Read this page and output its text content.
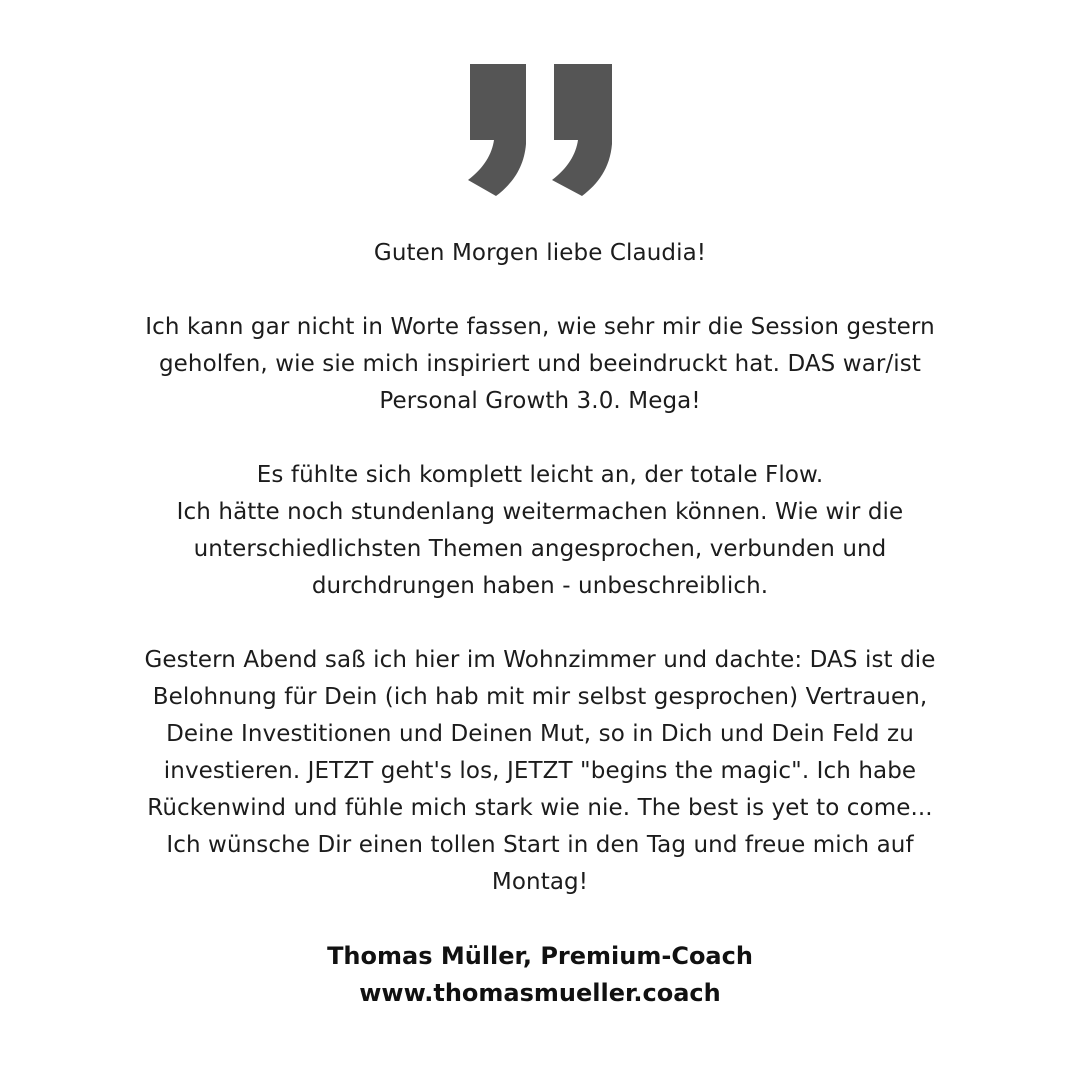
Guten Morgen liebe Claudia!

Ich kann gar nicht in Worte fassen, wie sehr mir die Session gestern
geholfen, wie sie mich inspiriert und beeindruckt hat. DAS war/ist
Personal Growth 3.0. Mega!

Es fühlte sich komplett leicht an, der totale Flow.
Ich hätte noch stundenlang weitermachen können. Wie wir die
unterschiedlichsten Themen angesprochen, verbunden und
durchdrungen haben - unbeschreiblich.

Gestern Abend saß ich hier im Wohnzimmer und dachte: DAS ist die
Belohnung für Dein (ich hab mit mir selbst gesprochen) Vertrauen,
Deine Investitionen und Deinen Mut, so in Dich und Dein Feld zu
investieren. JETZT geht's los, JETZT "begins the magic". Ich habe
Rückenwind und fühle mich stark wie nie. The best is yet to come...
Ich wünsche Dir einen tollen Start in den Tag und freue mich auf
Montag!

Thomas Müller, Premium-Coach
www.thomasmueller.coach
